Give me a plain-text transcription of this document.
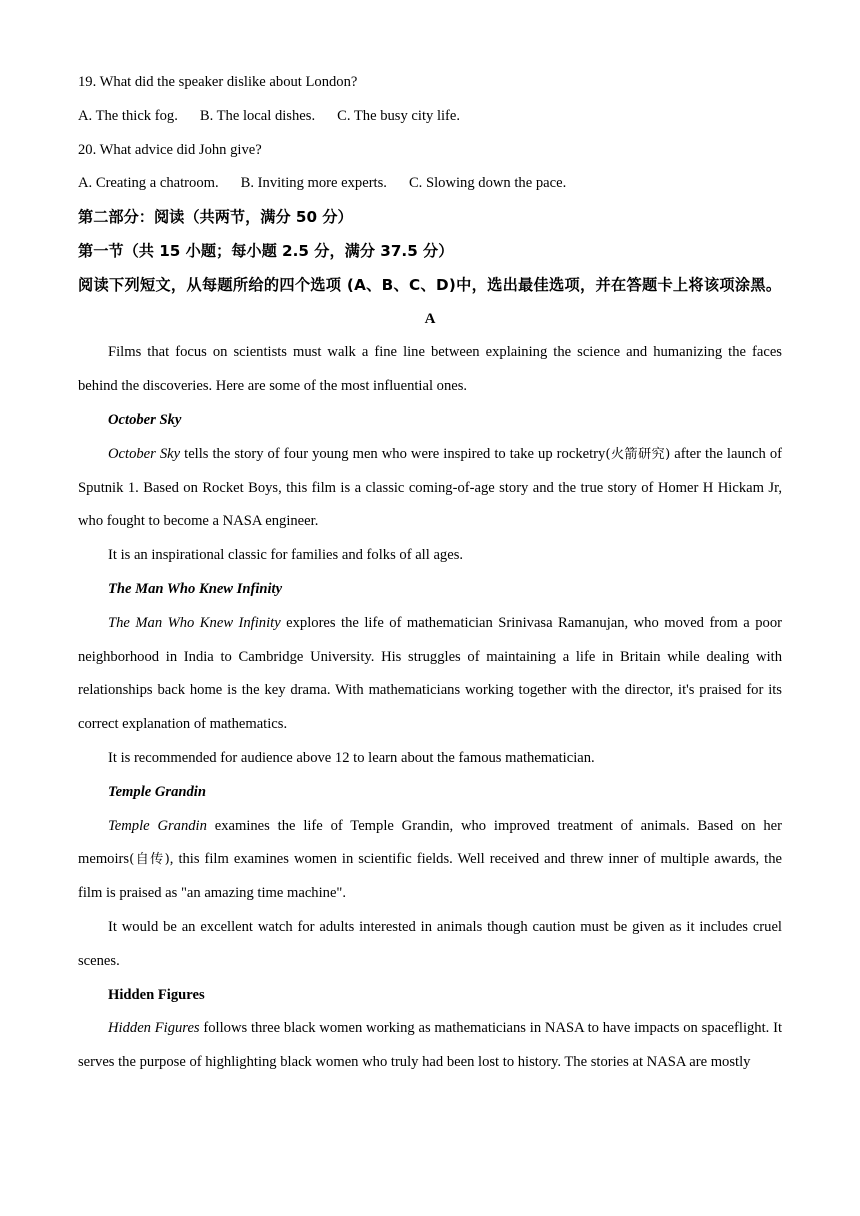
19. What did the speaker dislike about London?
A. The thick fog. B. The local dishes. C. The busy city life.
20. What advice did John give?
A. Creating a chatroom. B. Inviting more experts. C. Slowing down the pace.
第二部分：阅读（共两节，满分 50 分）
第一节（共 15 小题；每小题 2.5 分，满分 37.5 分）
阅读下列短文，从每题所给的四个选项 (A、B、C、D)中，选出最佳选项，并在答题卡上将该项涂黑。
A

Films that focus on scientists must walk a fine line between explaining the science and humanizing the faces behind the discoveries. Here are some of the most influential ones.

October Sky

October Sky tells the story of four young men who were inspired to take up rocketry(火箭研究) after the launch of Sputnik 1. Based on Rocket Boys, this film is a classic coming-of-age story and the true story of Homer H Hickam Jr, who fought to become a NASA engineer.

It is an inspirational classic for families and folks of all ages.

The Man Who Knew Infinity

The Man Who Knew Infinity explores the life of mathematician Srinivasa Ramanujan, who moved from a poor neighborhood in India to Cambridge University. His struggles of maintaining a life in Britain while dealing with relationships back home is the key drama. With mathematicians working together with the director, it's praised for its correct explanation of mathematics.

It is recommended for audience above 12 to learn about the famous mathematician.

Temple Grandin

Temple Grandin examines the life of Temple Grandin, who improved treatment of animals. Based on her memoirs(自传), this film examines women in scientific fields. Well received and threw inner of multiple awards, the film is praised as "an amazing time machine".

It would be an excellent watch for adults interested in animals though caution must be given as it includes cruel scenes.

Hidden Figures

Hidden Figures follows three black women working as mathematicians in NASA to have impacts on spaceflight. It serves the purpose of highlighting black women who truly had been lost to history. The stories at NASA are mostly
